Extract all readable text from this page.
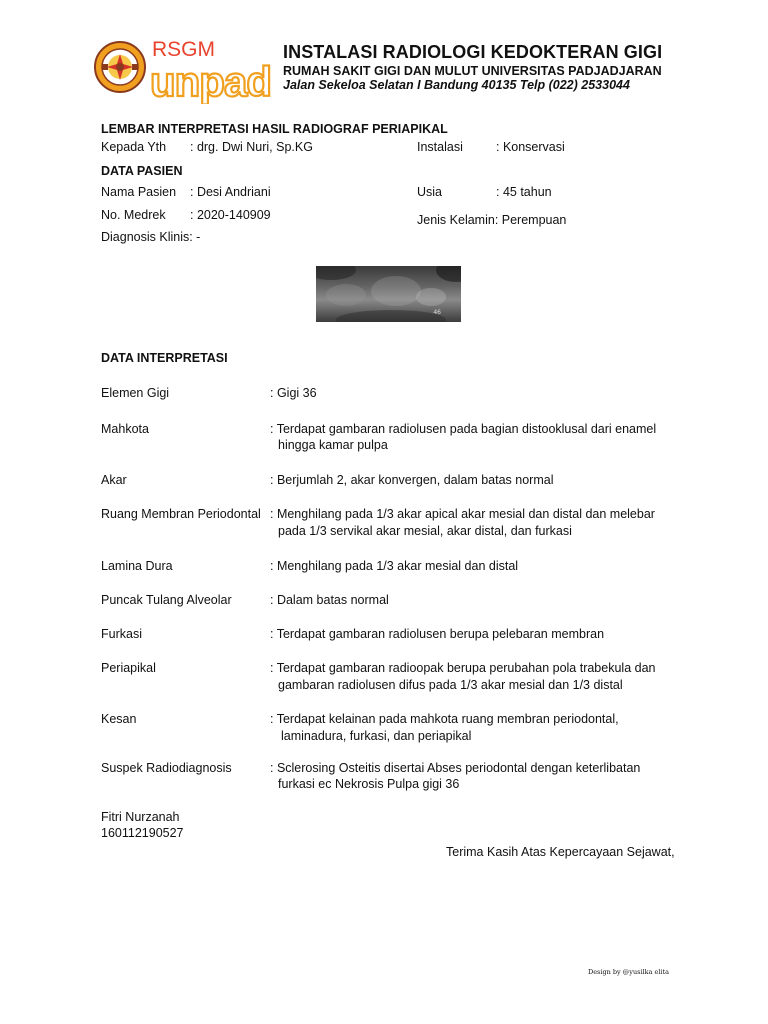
RSGM
unpad
INSTALASI RADIOLOGI KEDOKTERAN GIGI
RUMAH SAKIT GIGI DAN MULUT UNIVERSITAS PADJADJARAN
Jalan Sekeloa Selatan I Bandung 40135 Telp (022) 2533044
LEMBAR INTERPRETASI HASIL RADIOGRAF PERIAPIKAL
Kepada Yth : drg. Dwi Nuri, Sp.KG	Instalasi	: Konservasi
DATA PASIEN
Nama Pasien : Desi Andriani	Usia	: 45 tahun
No. Medrek : 2020-140909	Jenis Kelamin: Perempuan
Diagnosis Klinis: -
46
DATA INTERPRETASI
Elemen Gigi	: Gigi 36
Mahkota	: Terdapat gambaran radiolusen pada bagian distooklusal dari enamel
hingga kamar pulpa
Akar	: Berjumlah 2, akar konvergen, dalam batas normal
Ruang Membran Periodontal : Menghilang pada 1/3 akar apical akar mesial dan distal dan melebar
pada 1/3 servikal akar mesial, akar distal, dan furkasi
Lamina Dura	: Menghilang pada 1/3 akar mesial dan distal
Puncak Tulang Alveolar	: Dalam batas normal
Furkasi	: Terdapat gambaran radiolusen berupa pelebaran membran
Periapikal	: Terdapat gambaran radioopak berupa perubahan pola trabekula dan
gambaran radiolusen difus pada 1/3 akar mesial dan 1/3 distal
Kesan	: Terdapat kelainan pada mahkota ruang membran periodontal,
laminadura, furkasi, dan periapikal
Suspek Radiodiagnosis	: Sclerosing Osteitis disertai Abses periodontal dengan keterlibatan
furkasi ec Nekrosis Pulpa gigi 36
Fitri Nurzanah
160112190527
Terima Kasih Atas Kepercayaan Sejawat,
Design by @yusilka elita
